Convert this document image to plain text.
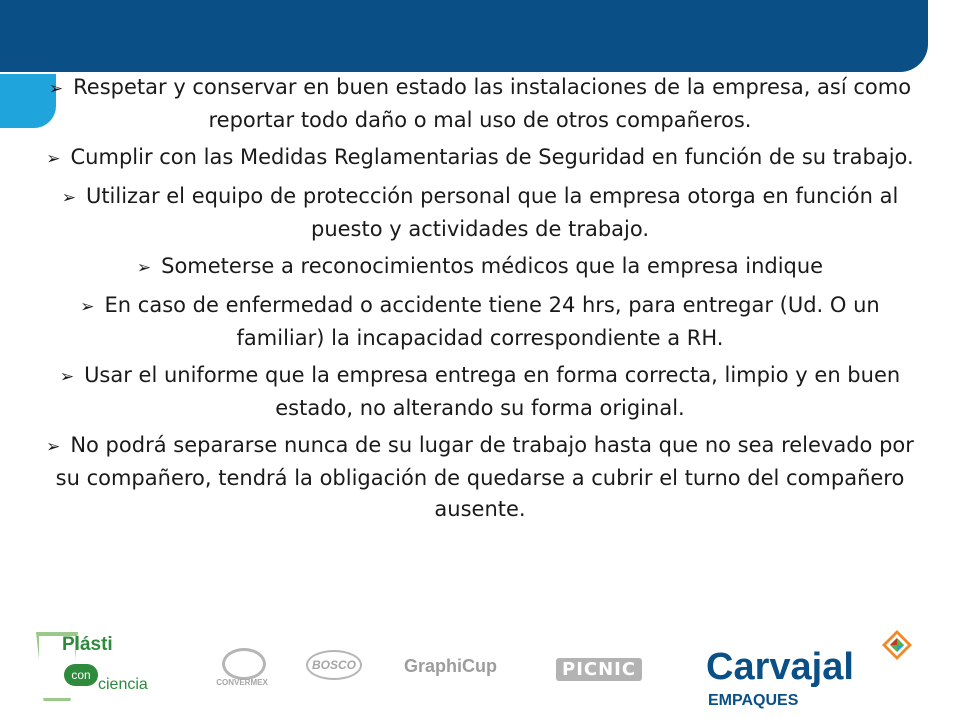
➢ Respetar y conservar en buen estado las instalaciones de la empresa, así como reportar todo daño o mal uso de otros compañeros.
➢ Cumplir con las Medidas Reglamentarias de Seguridad en función de su trabajo.
➢ Utilizar el equipo de protección personal que la empresa otorga en función al puesto y actividades de trabajo.
➢ Someterse a reconocimientos médicos que la empresa indique
➢ En caso de enfermedad o accidente tiene 24 hrs, para entregar (Ud. O un familiar) la incapacidad correspondiente a RH.
➢ Usar el uniforme que la empresa entrega en forma correcta, limpio y en buen estado, no alterando su forma original.
➢ No podrá separarse nunca de su lugar de trabajo hasta que no sea relevado por su compañero, tendrá la obligación de quedarse a cubrir el turno del compañero ausente.
Plásti
con
ciencia	CONVERMEX
BOSCO	GraphiCup	PICNIC Carvajal
EMPAQUES
